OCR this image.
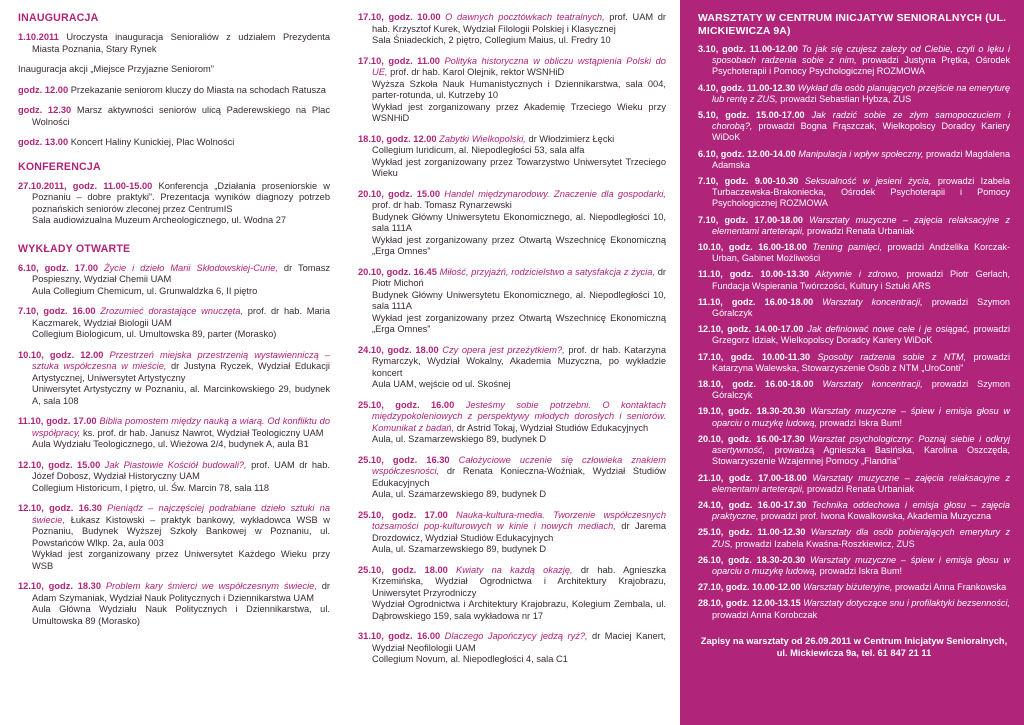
INAUGURACJA
1.10.2011 Uroczysta inauguracja Senioraliów z udziałem Prezydenta Miasta Poznania, Stary Rynek
Inauguracja akcji „Miejsce Przyjazne Seniorom”
godz. 12.00 Przekazanie seniorom kluczy do Miasta na schodach Ratusza
godz. 12.30 Marsz aktywności seniorów ulicą Paderewskiego na Plac Wolności
godz. 13.00 Koncert Haliny Kunickiej, Plac Wolności
KONFERENCJA
27.10.2011, godz. 11.00-15.00 Konferencja „Działania proseniorskie w Poznaniu – dobre praktyki”. Prezentacja wyników diagnozy potrzeb poznańskich seniorów zleconej przez CentrumIS
Sala audiowizualna Muzeum Archeologicznego, ul. Wodna 27
WYKŁADY OTWARTE
6.10, godz. 17.00 Życie i dzieło Marii Skłodowskiej-Curie, dr Tomasz Pospieszny, Wydział Chemii UAM
Aula Collegium Chemicum, ul. Grunwaldzka 6, II piętro
7.10, godz. 16.00 Zrozumieć dorastające wnuczęta, prof. dr hab. Maria Kaczmarek, Wydział Biologii UAM
Collegium Biologicum, ul. Umultowska 89, parter (Morasko)
10.10, godz. 12.00 Przestrzeń miejska przestrzenią wystawienniczą – sztuka współczesna w mieście, dr Justyna Ryczek, Wydział Edukacji Artystycznej, Uniwersytet Artystyczny
Uniwersytet Artystyczny w Poznaniu, al. Marcinkowskiego 29, budynek A, sala 108
11.10, godz. 17.00 Biblia pomostem między nauką a wiarą. Od konfliktu do współpracy, ks. prof. dr hab. Janusz Nawrot, Wydział Teologiczny UAM
Aula Wydziału Teologicznego, ul. Wieżowa 2/4, budynek A, aula B1
12.10, godz. 15.00 Jak Piastowie Kościół budowali?, prof. UAM dr hab. Józef Dobosz, Wydział Historyczny UAM
Collegium Historicum, I piętro, ul. Św. Marcin 78, sala 118
12.10, godz. 16.30 Pieniądz – najczęściej podrabiane dzieło sztuki na świecie, Łukasz Kistowski – praktyk bankowy, wykładowca WSB w Poznaniu, Budynek Wyższej Szkoły Bankowej w Poznaniu, ul. Powstańców Wlkp. 2a, aula 003
Wykład jest zorganizowany przez Uniwersytet Każdego Wieku przy WSB
12.10, godz. 18.30 Problem kary śmierci we współczesnym świecie, dr Adam Szymaniak, Wydział Nauk Politycznych i Dziennikarstwa UAM
Aula Główna Wydziału Nauk Politycznych i Dziennikarstwa, ul. Umultowska 89 (Morasko)
17.10, godz. 10.00 O dawnych pocztówkach teatralnych, prof. UAM dr hab. Krzysztof Kurek, Wydział Filologii Polskiej i Klasycznej
Sala Śniadeckich, 2 piętro, Collegium Maius, ul. Fredry 10
17.10, godz. 11.00 Polityka historyczna w obliczu wstąpienia Polski do UE, prof. dr hab. Karol Olejnik, rektor WSNHiD
Wyższa Szkoła Nauk Humanistycznych i Dziennikarstwa, sala 004, parter-rotunda, ul. Kutrzeby 10
Wykład jest zorganizowany przez Akademię Trzeciego Wieku przy WSNHiD
18.10, godz. 12.00 Zabytki Wielkopolski, dr Włodzimierz Łęcki
Collegium Iuridicum, al. Niepodległości 53, sala alfa
Wykład jest zorganizowany przez Towarzystwo Uniwersytet Trzeciego Wieku
20.10, godz. 15.00 Handel międzynarodowy. Znaczenie dla gospodarki, prof. dr hab. Tomasz Rynarzewski
Budynek Główny Uniwersytetu Ekonomicznego, al. Niepodległości 10, sala 111A
Wykład jest zorganizowany przez Otwartą Wszechnicę Ekonomiczną „Erga Omnes”
20.10, godz. 16.45 Miłość, przyjaźń, rodzicielstwo a satysfakcja z życia, dr Piotr Michoń
Budynek Główny Uniwersytetu Ekonomicznego, al. Niepodległości 10, sala 111A
Wykład jest zorganizowany przez Otwartą Wszechnicę Ekonomiczną „Erga Omnes”
24.10, godz. 18.00 Czy opera jest przeżytkiem?, prof. dr hab. Katarzyna Rymarczyk, Wydział Wokalny, Akademia Muzyczna, po wykładzie koncert
Aula UAM, wejście od ul. Skośnej
25.10, godz. 16.00 Jesteśmy sobie potrzebni. O kontaktach międzypokoleniowych z perspektywy młodych dorosłych i seniorów. Komunikat z badań, dr Astrid Tokaj, Wydział Studiów Edukacyjnych
Aula, ul. Szamarzewskiego 89, budynek D
25.10, godz. 16.30 Całożyciowe uczenie się człowieka znakiem współczesności, dr Renata Konieczna-Woźniak, Wydział Studiów Edukacyjnych
Aula, ul. Szamarzewskiego 89, budynek D
25.10, godz. 17.00 Nauka-kultura-media. Tworzenie współczesnych tożsamości pop-kulturowych w kinie i nowych mediach, dr Jarema Drozdowicz, Wydział Studiów Edukacyjnych
Aula, ul. Szamarzewskiego 89, budynek D
25.10, godz. 18.00 Kwiaty na każdą okazję, dr hab. Agnieszka Krzemińska, Wydział Ogrodnictwa i Architektury Krajobrazu, Uniwersytet Przyrodniczy
Wydział Ogrodnictwa i Architektury Krajobrazu, Kolegium Zembala, ul. Dąbrowskiego 159, sala wykładowa nr 17
31.10, godz. 16.00 Dlaczego Japończycy jedzą ryż?, dr Maciej Kanert, Wydział Neofilologii UAM
Collegium Novum, al. Niepodległości 4, sala C1
WARSZTATY W CENTRUM INICJATYW SENIORALNYCH (UL. MICKIEWICZA 9A)
3.10, godz. 11.00-12.00 To jak się czujesz zależy od Ciebie, czyli o lęku i sposobach radzenia sobie z nim, prowadzi Justyna Prętka, Ośrodek Psychoterapii i Pomocy Psychologicznej ROZMOWA
4.10, godz. 11.00-12.30 Wykład dla osób planujących przejście na emeryturę lub rentę z ZUS, prowadzi Sebastian Hybza, ZUS
5.10, godz. 15.00-17.00 Jak radzić sobie ze złym samopoczuciem i chorobą?, prowadzi Bogna Frąszczak, Wielkopolscy Doradcy Kariery WiDoK
6.10, godz. 12.00-14.00 Manipulacja i wpływ społeczny, prowadzi Magdalena Adamska
7.10, godz. 9.00-10.30 Seksualność w jesieni życia, prowadzi Izabela Turbaczewska-Brakoniecka, Ośrodek Psychoterapii i Pomocy Psychologicznej ROZMOWA
7.10, godz. 17.00-18.00 Warsztaty muzyczne – zajęcia relaksacyjne z elementami arteterapii, prowadzi Renata Urbaniak
10.10, godz. 16.00-18.00 Trening pamięci, prowadzi Andżelika Korczak-Urban, Gabinet Możliwości
11.10, godz. 10.00-13.30 Aktywnie i zdrowo, prowadzi Piotr Gerlach, Fundacja Wspierania Twórczości, Kultury i Sztuki ARS
11.10, godz. 16.00-18.00 Warsztaty koncentracji, prowadzi Szymon Góralczyk
12.10, godz. 14.00-17.00 Jak definiować nowe cele i je osiągać, prowadzi Grzegorz Idziak, Wielkopolscy Doradcy Kariery WiDoK
17.10, godz. 10.00-11.30 Sposoby radzenia sobie z NTM, prowadzi Katarzyna Walewska, Stowarzyszenie Osób z NTM „UroConti”
18.10, godz. 16.00-18.00 Warsztaty koncentracji, prowadzi Szymon Góralczyk
19.10, godz. 18.30-20.30 Warsztaty muzyczne – śpiew i emisja głosu w oparciu o muzykę ludową, prowadzi Iskra Bum!
20.10, godz. 16.00-17.30 Warsztat psychologiczny: Poznaj siebie i odkryj asertywność, prowadzą Agnieszka Basińska, Karolina Oszczęda, Stowarzyszenie Wzajemnej Pomocy „Flandria”
21.10, godz. 17.00-18.00 Warsztaty muzyczne – zajęcia relaksacyjne z elementami arteterapii, prowadzi Renata Urbaniak
24.10, godz. 16.00-17.30 Technika oddechowa i emisja głosu – zajęcia praktyczne, prowadzi prof. Iwona Kowalkowska, Akademia Muzyczna
25.10, godz. 11.00-12.30 Warsztaty dla osób pobierających emerytury z ZUS, prowadzi Izabela Kwaśna-Roszkiewicz, ZUS
26.10, godz. 18.30-20.30 Warsztaty muzyczne – śpiew i emisja głosu w oparciu o muzykę ludową, prowadzi Iskra Bum!
27.10, godz. 10.00-12.00 Warsztaty biżuteryjne, prowadzi Anna Frankowska
28.10, godz. 12.00-13.15 Warsztaty dotyczące snu i profilaktyki bezsenności, prowadzi Anna Korobczak
Zapisy na warsztaty od 26.09.2011 w Centrum Inicjatyw Senioralnych, ul. Mickiewicza 9a, tel. 61 847 21 11
